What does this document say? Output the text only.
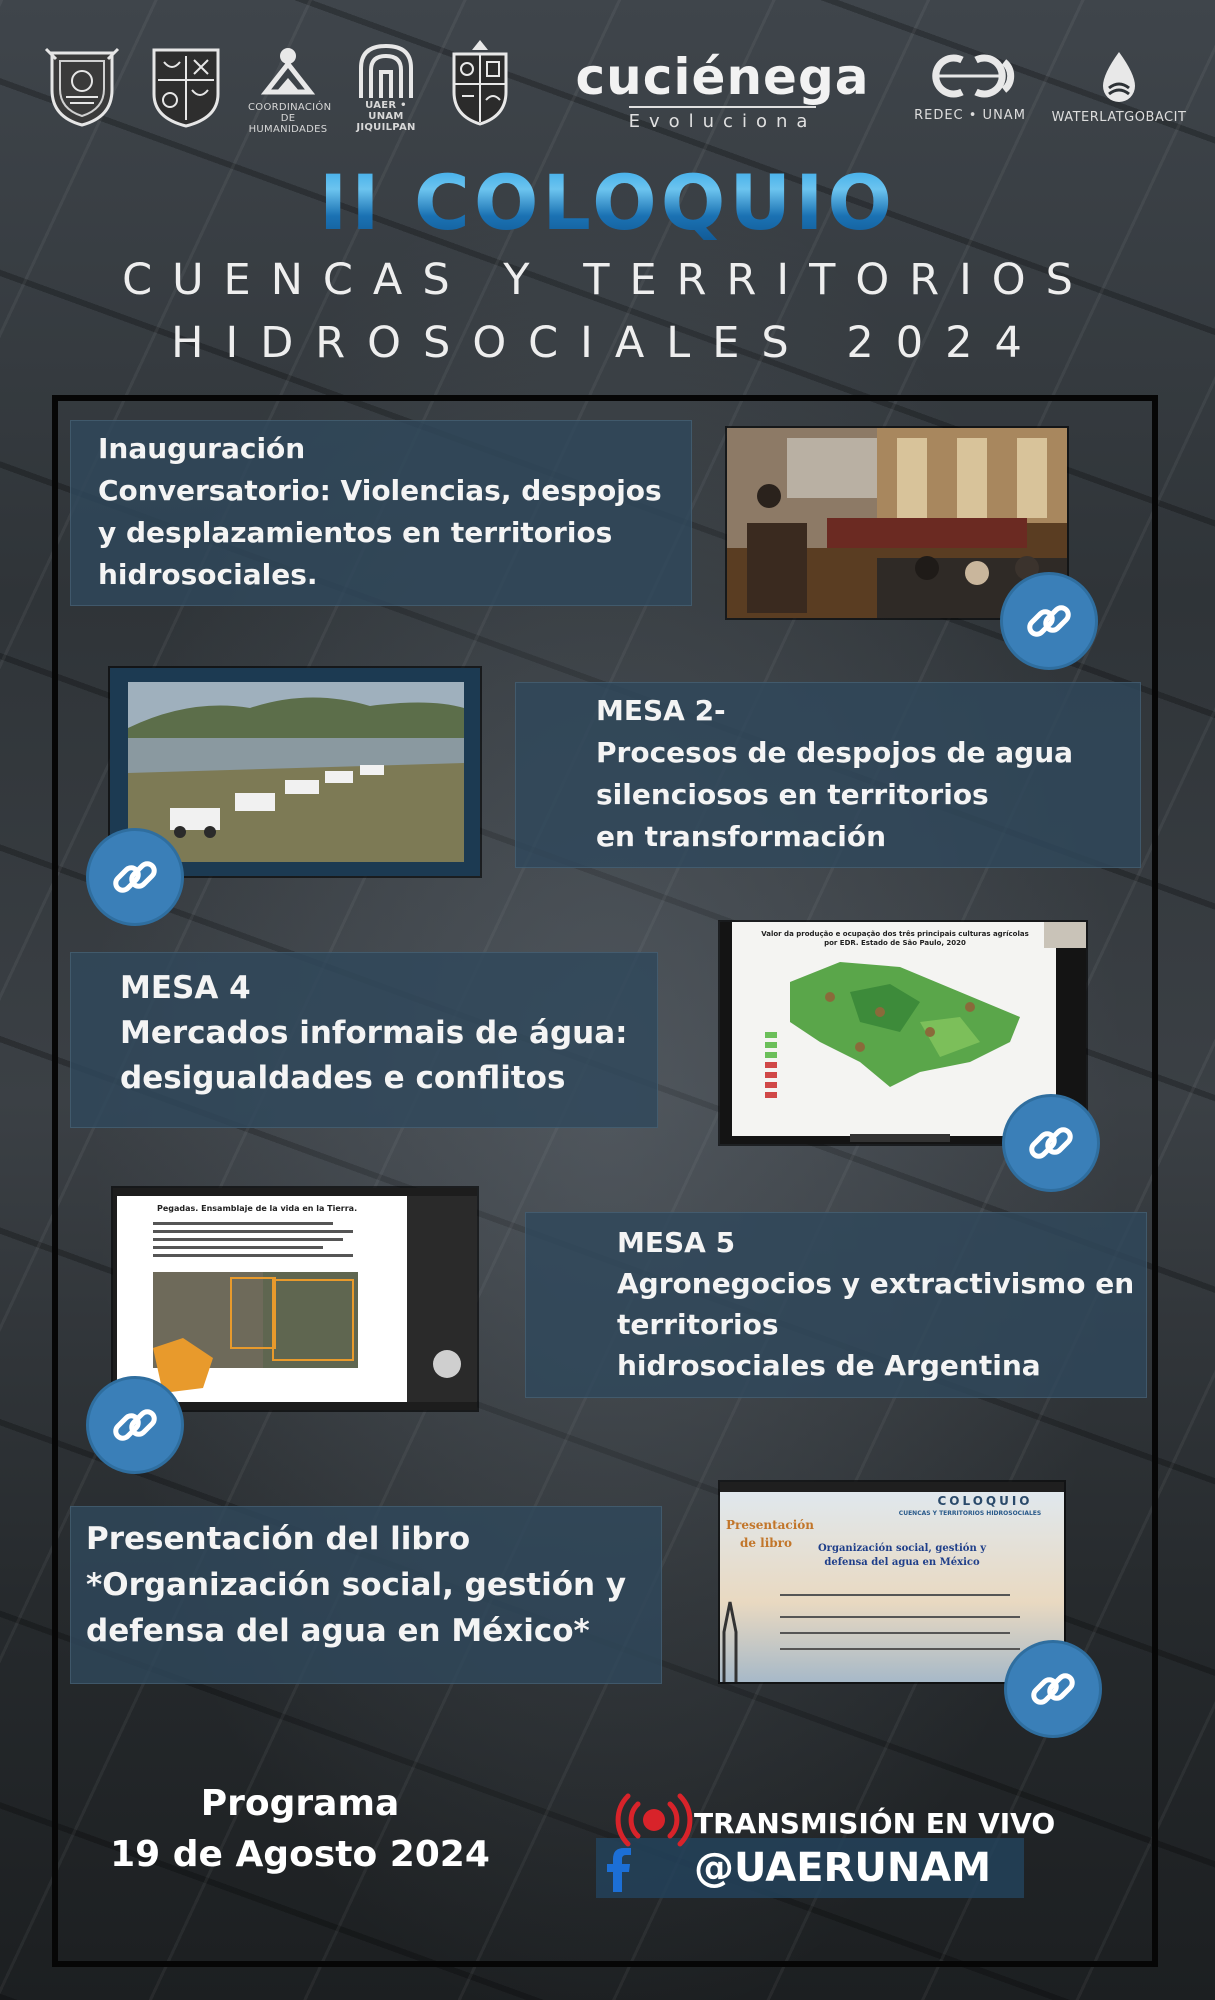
COORDINACIÓN DE HUMANIDADES
UAER • UNAM JIQUILPAN
cuciénega
Evoluciona	REDEC • UNAM WATERLATGOBACIT
II COLOQUIO
CUENCAS Y TERRITORIOS
HIDROSOCIALES 2024
Inauguración
Conversatorio: Violencias, despojos
y desplazamientos en territorios
hidrosociales.
MESA 2-
Procesos de despojos de agua
silenciosos en territorios
en transformación
MESA 4
Mercados informais de água:
desigualdades e conflitos
Valor da produção e ocupação dos três principais culturas agrícolas por EDR. Estado de São Paulo, 2020
Pegadas. Ensamblaje de la vida en la Tierra.
MESA 5
Agronegocios y extractivismo en
territorios
hidrosociales de Argentina
Presentación del libro
*Organización social, gestión y
defensa del agua en México*
COLOQUIO
CUENCAS Y TERRITORIOS HIDROSOCIALES
Presentación de libro	Organización social, gestión y defensa del agua en México
Programa
19 de Agosto 2024
TRANSMISIÓN EN VIVO
@UAERUNAM
